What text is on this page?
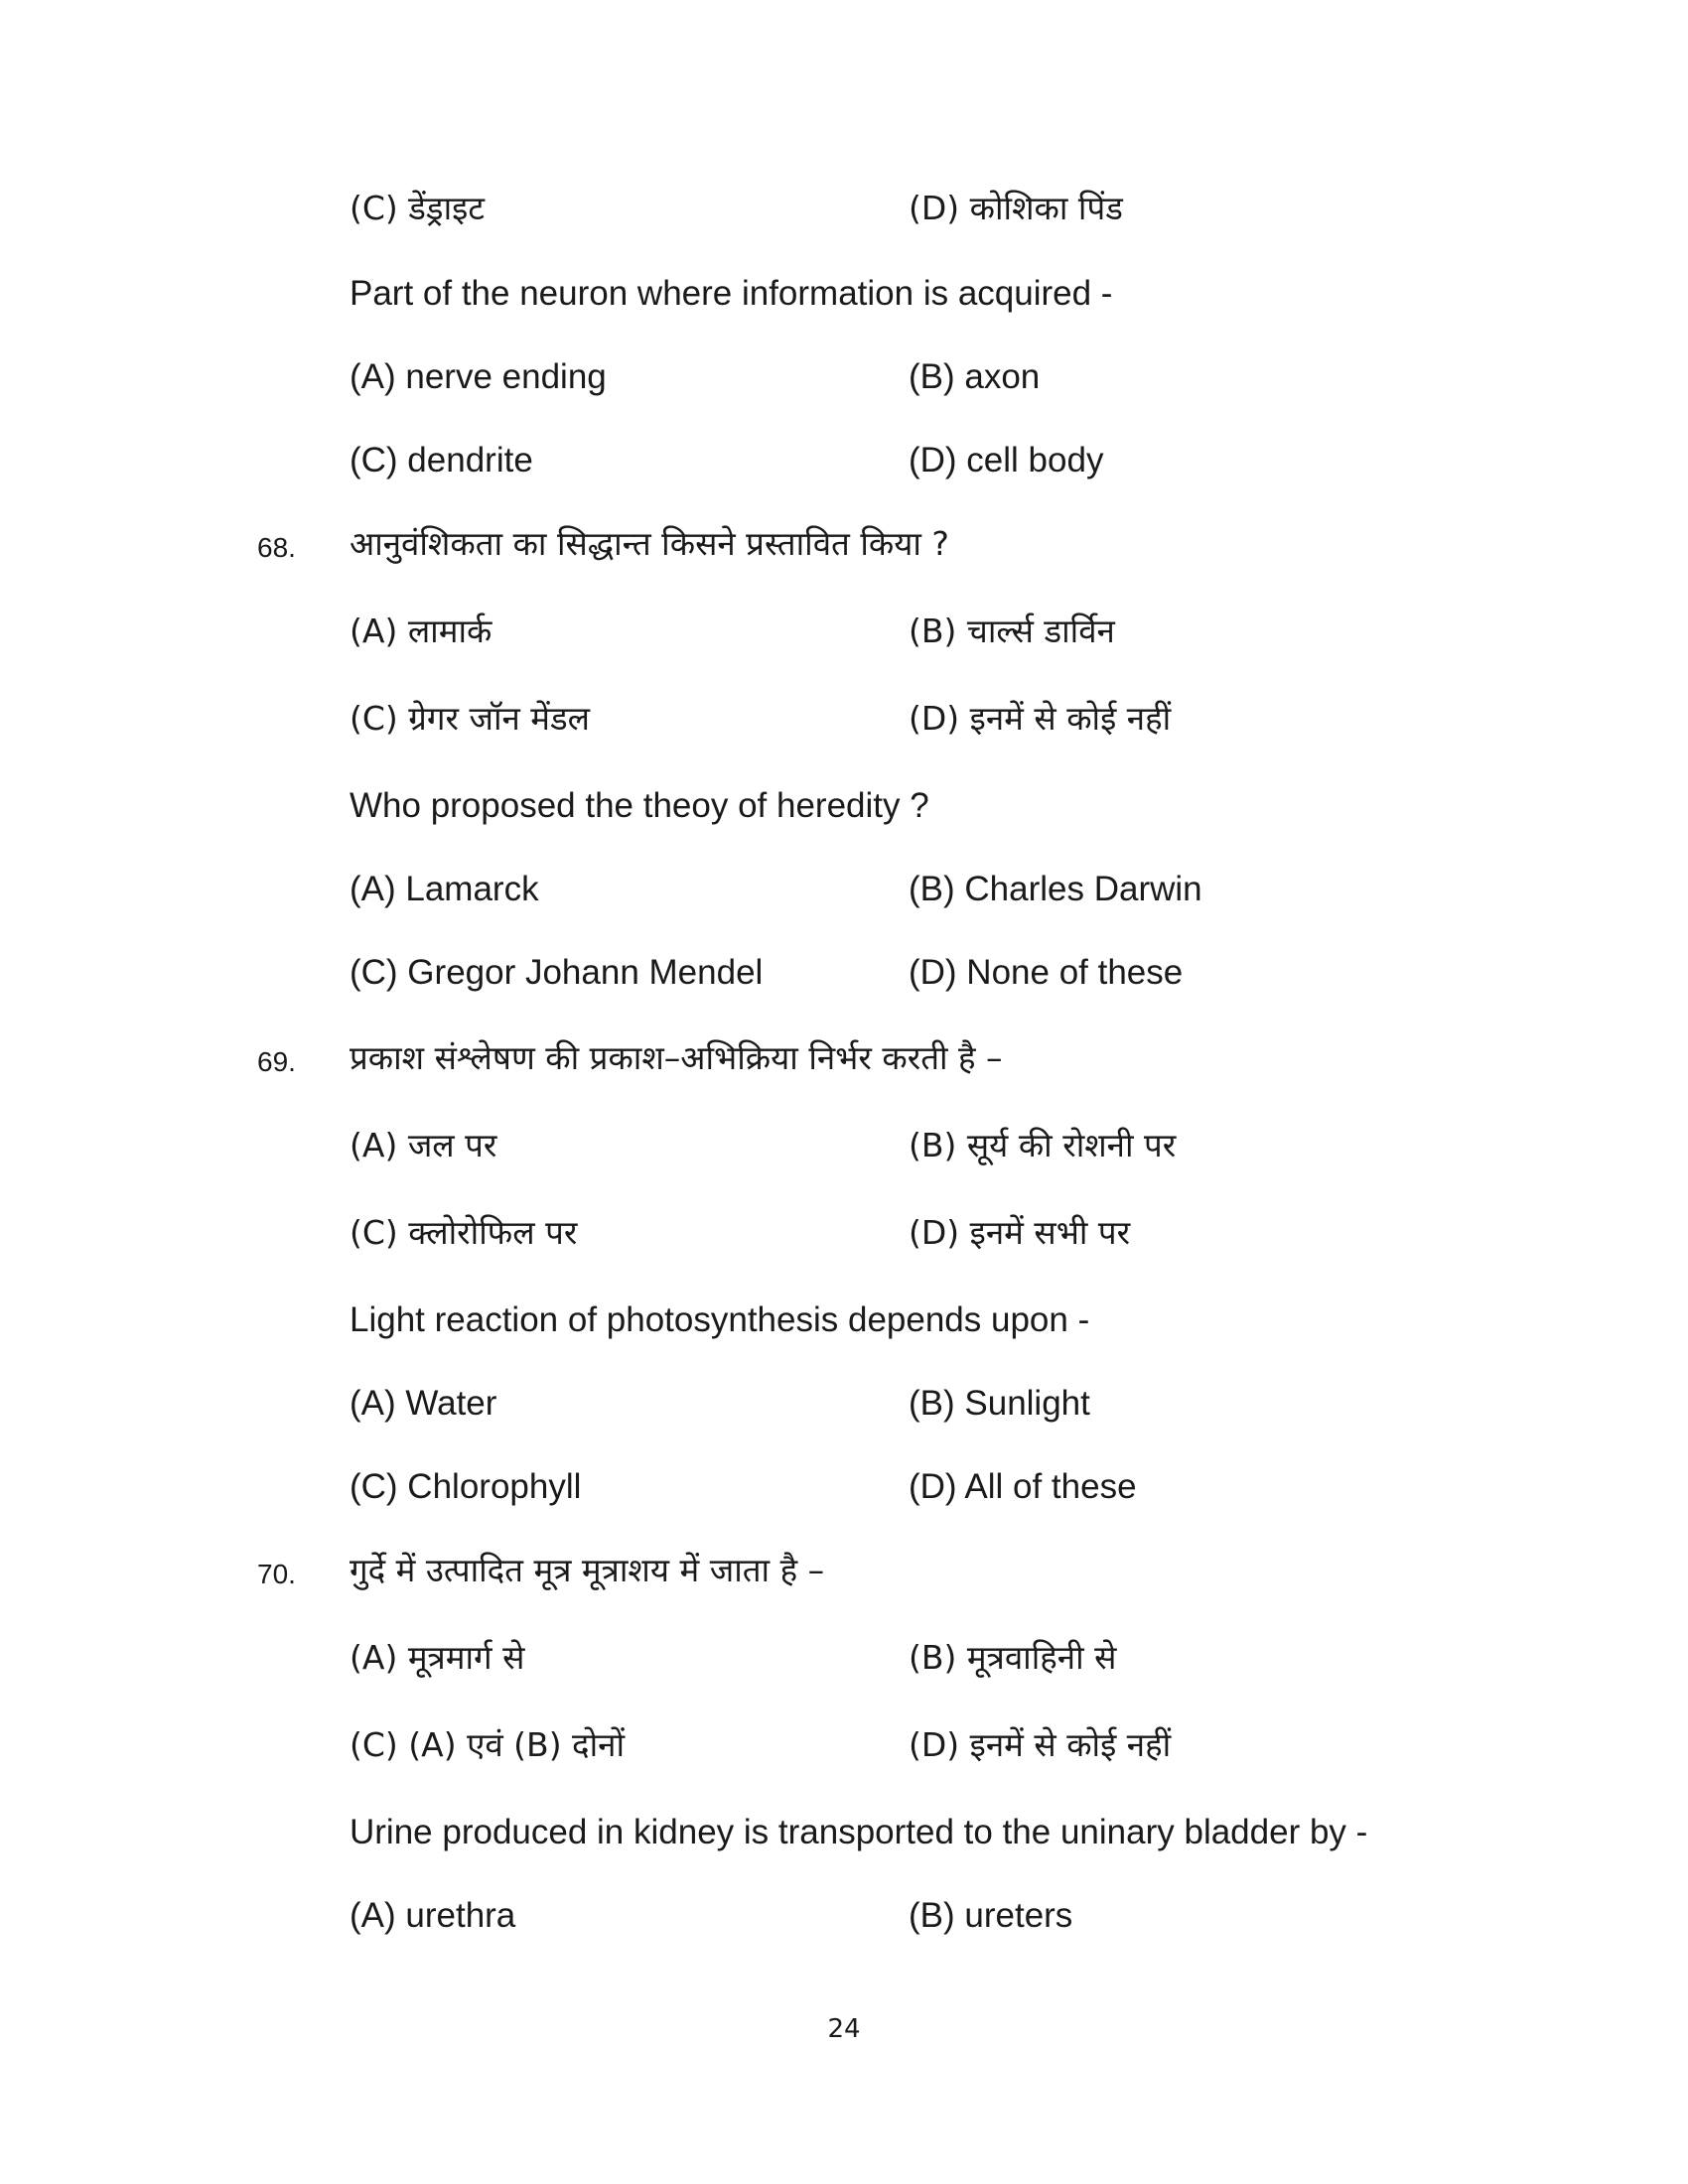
(C) डेंड्राइट	(D) कोशिका पिंड
Part of the neuron where information is acquired -
(A) nerve ending	(B) axon
(C) dendrite	(D) cell body
68. आनुवंशिकता का सिद्धान्त किसने प्रस्तावित किया ?
(A) लामार्क	(B) चार्ल्स डार्विन
(C) ग्रेगर जॉन मेंडल	(D) इनमें से कोई नहीं
Who proposed the theoy of heredity ?
(A) Lamarck	(B) Charles Darwin
(C) Gregor Johann Mendel	(D) None of these
69. प्रकाश संश्लेषण की प्रकाश–अभिक्रिया निर्भर करती है –
(A) जल पर	(B) सूर्य की रोशनी पर
(C) क्लोरोफिल पर	(D) इनमें सभी पर
Light reaction of photosynthesis depends upon -
(A) Water	(B) Sunlight
(C) Chlorophyll	(D) All of these
70. गुर्दे में उत्पादित मूत्र मूत्राशय में जाता है –
(A) मूत्रमार्ग से	(B) मूत्रवाहिनी से
(C) (A) एवं (B) दोनों	(D) इनमें से कोई नहीं
Urine produced in kidney is transported to the uninary bladder by -
(A) urethra	(B) ureters
24
